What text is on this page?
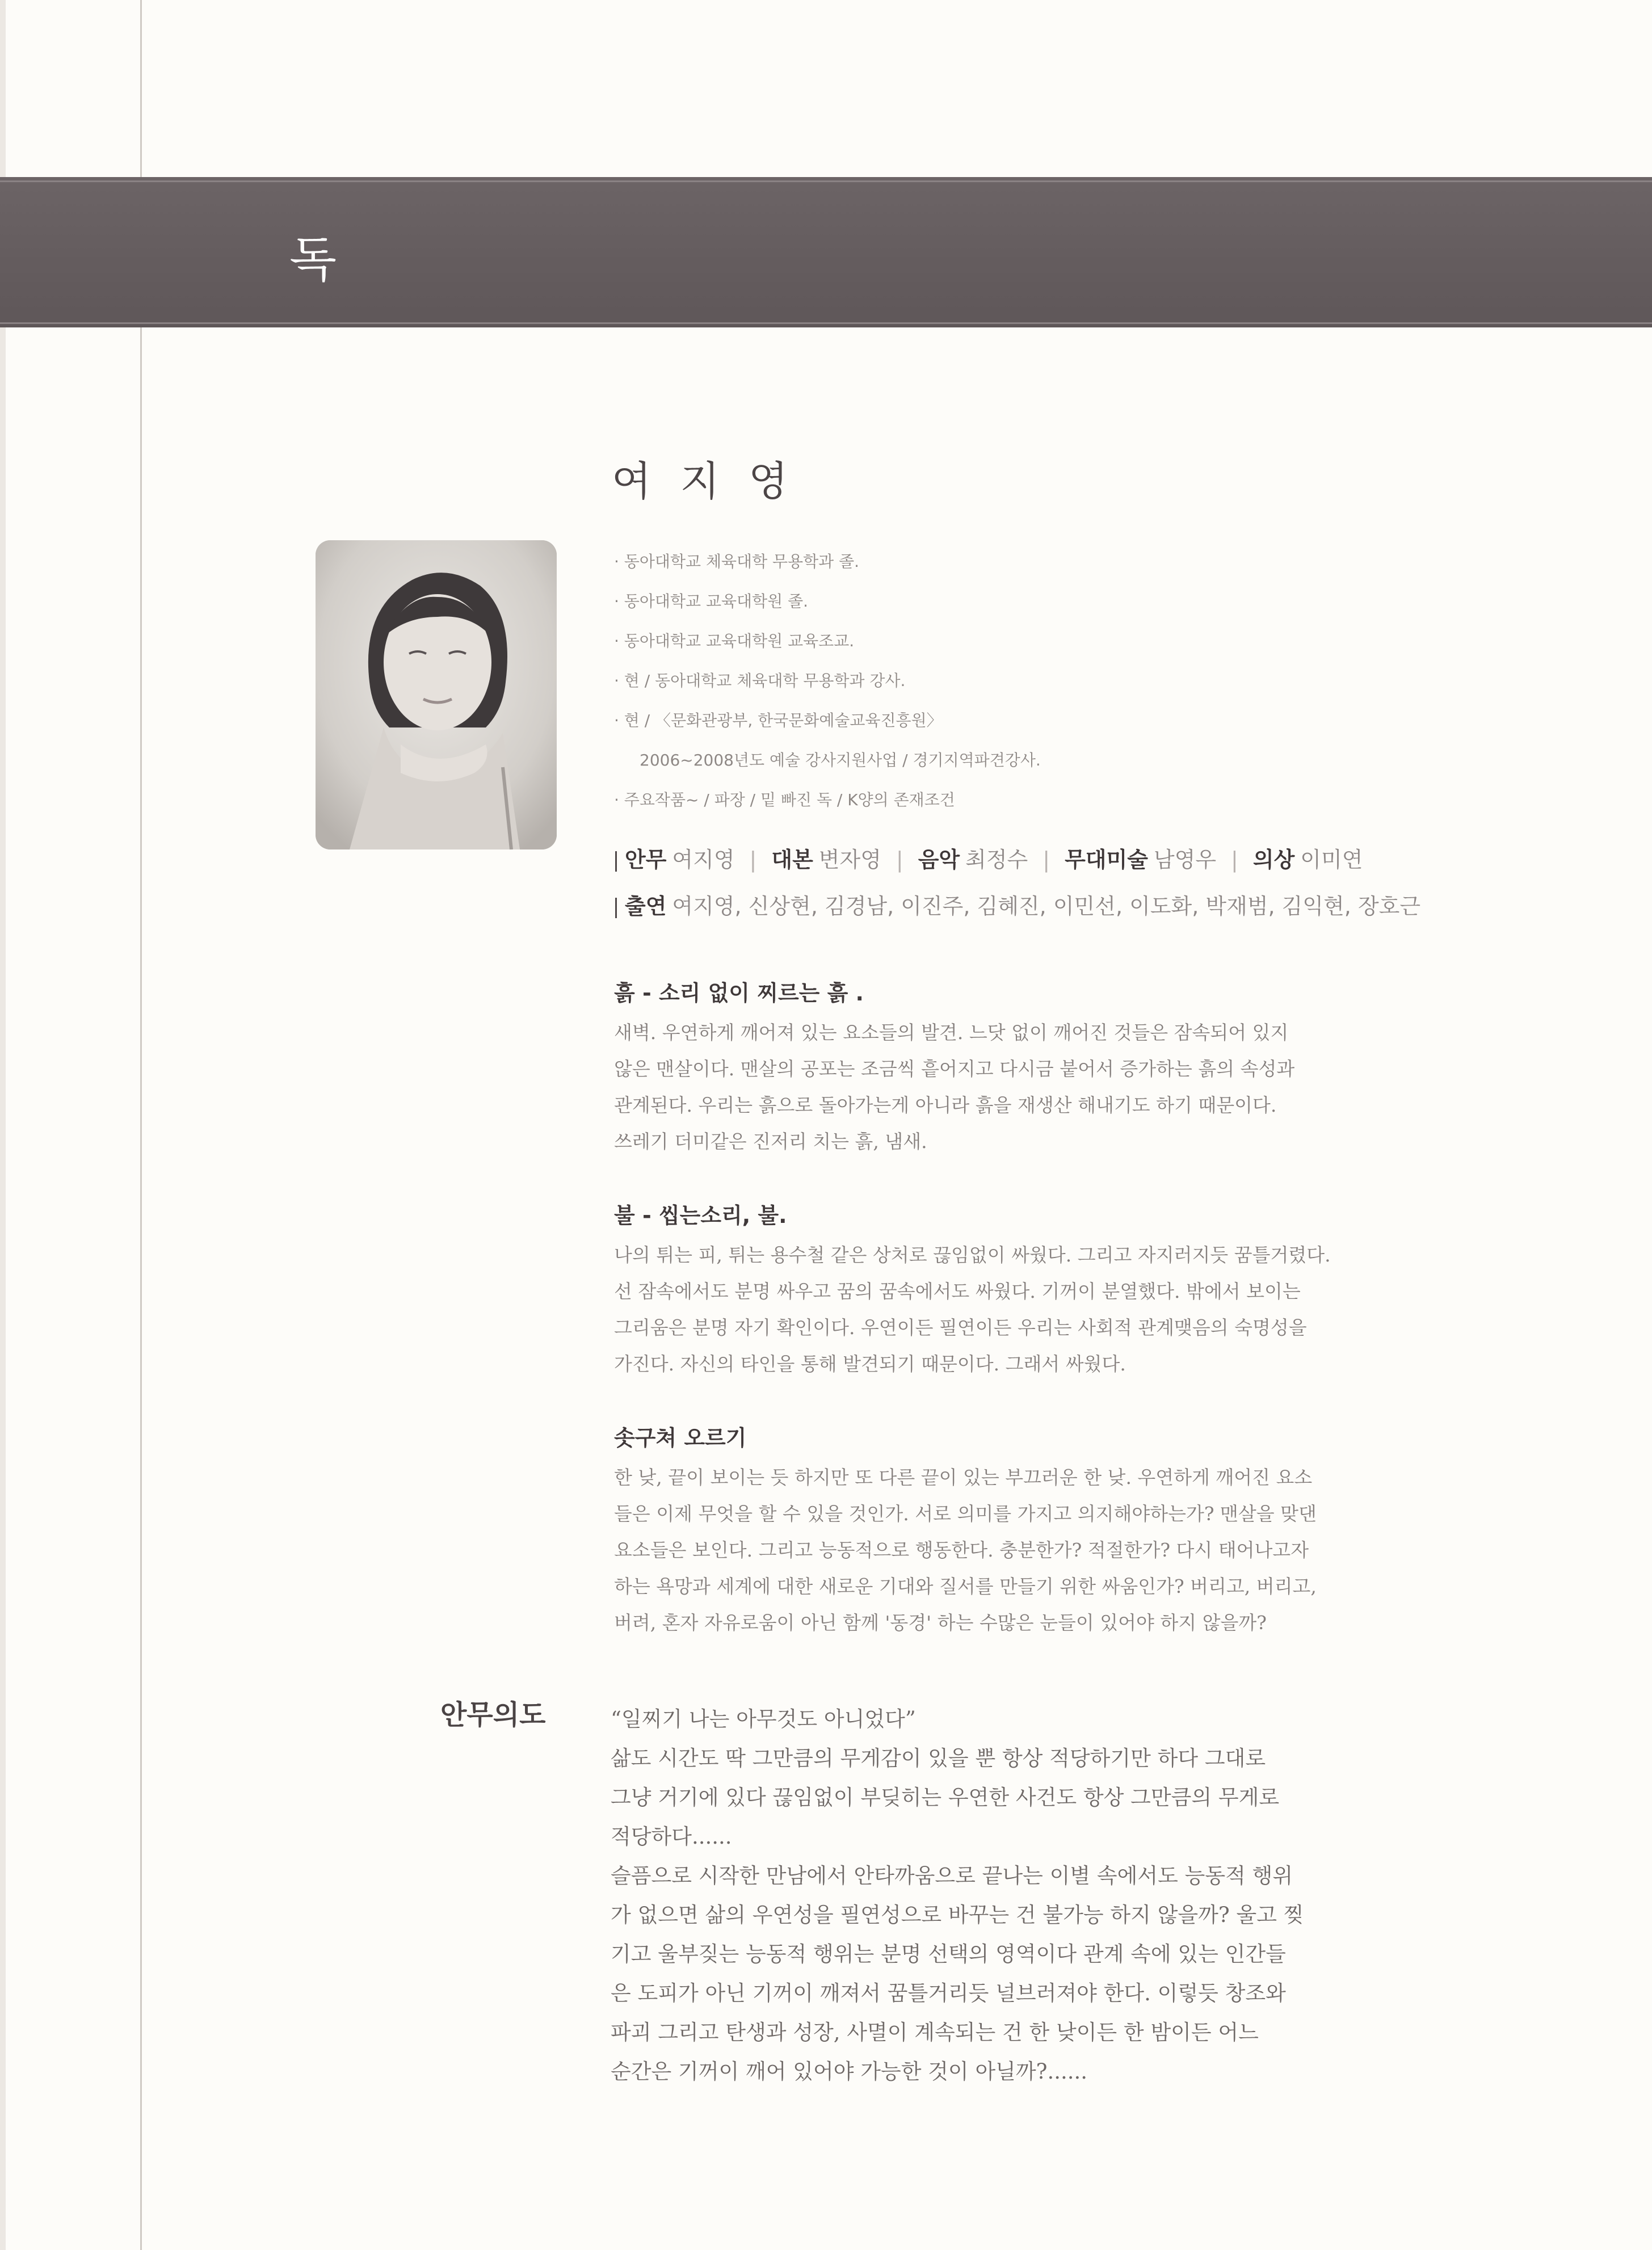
독
여 지 영
· 동아대학교 체육대학 무용학과 졸.
· 동아대학교 교육대학원 졸.
· 동아대학교 교육대학원 교육조교.
· 현 / 동아대학교 체육대학 무용학과 강사.
· 현 / 〈문화관광부, 한국문화예술교육진흥원〉
2006~2008년도 예술 강사지원사업 / 경기지역파견강사.
· 주요작품~ / 파장 / 밑 빠진 독 / K양의 존재조건
안무 여지영 | 대본 변자영 | 음악 최정수 | 무대미술 남영우 | 의상 이미연
출연 여지영, 신상현, 김경남, 이진주, 김혜진, 이민선, 이도화, 박재범, 김익현, 장호근
흙 - 소리 없이 찌르는 흙 .

새벽. 우연하게 깨어져 있는 요소들의 발견. 느닷 없이 깨어진 것들은 잠속되어 있지
않은 맨살이다. 맨살의 공포는 조금씩 흩어지고 다시금 붙어서 증가하는 흙의 속성과
관계된다. 우리는 흙으로 돌아가는게 아니라 흙을 재생산 해내기도 하기 때문이다.
쓰레기 더미같은 진저리 치는 흙, 냄새.

불 - 씹는소리, 불.

나의 튀는 피, 튀는 용수철 같은 상처로 끊임없이 싸웠다. 그리고 자지러지듯 꿈틀거렸다.
선 잠속에서도 분명 싸우고 꿈의 꿈속에서도 싸웠다. 기꺼이 분열했다. 밖에서 보이는
그리움은 분명 자기 확인이다. 우연이든 필연이든 우리는 사회적 관계맺음의 숙명성을
가진다. 자신의 타인을 통해 발견되기 때문이다. 그래서 싸웠다.

솟구쳐 오르기

한 낮, 끝이 보이는 듯 하지만 또 다른 끝이 있는 부끄러운 한 낮. 우연하게 깨어진 요소
들은 이제 무엇을 할 수 있을 것인가. 서로 의미를 가지고 의지해야하는가? 맨살을 맞댄
요소들은 보인다. 그리고 능동적으로 행동한다. 충분한가? 적절한가? 다시 태어나고자
하는 욕망과 세계에 대한 새로운 기대와 질서를 만들기 위한 싸움인가? 버리고, 버리고,
버려, 혼자 자유로움이 아닌 함께 '동경' 하는 수많은 눈들이 있어야 하지 않을까?

안무의도	“일찌기 나는 아무것도 아니었다”
삶도 시간도 딱 그만큼의 무게감이 있을 뿐 항상 적당하기만 하다 그대로
그냥 거기에 있다 끊임없이 부딪히는 우연한 사건도 항상 그만큼의 무게로
적당하다......
슬픔으로 시작한 만남에서 안타까움으로 끝나는 이별 속에서도 능동적 행위
가 없으면 삶의 우연성을 필연성으로 바꾸는 건 불가능 하지 않을까? 울고 찢
기고 울부짖는 능동적 행위는 분명 선택의 영역이다 관계 속에 있는 인간들
은 도피가 아닌 기꺼이 깨져서 꿈틀거리듯 널브러져야 한다. 이렇듯 창조와
파괴 그리고 탄생과 성장, 사멸이 계속되는 건 한 낮이든 한 밤이든 어느
순간은 기꺼이 깨어 있어야 가능한 것이 아닐까?......
